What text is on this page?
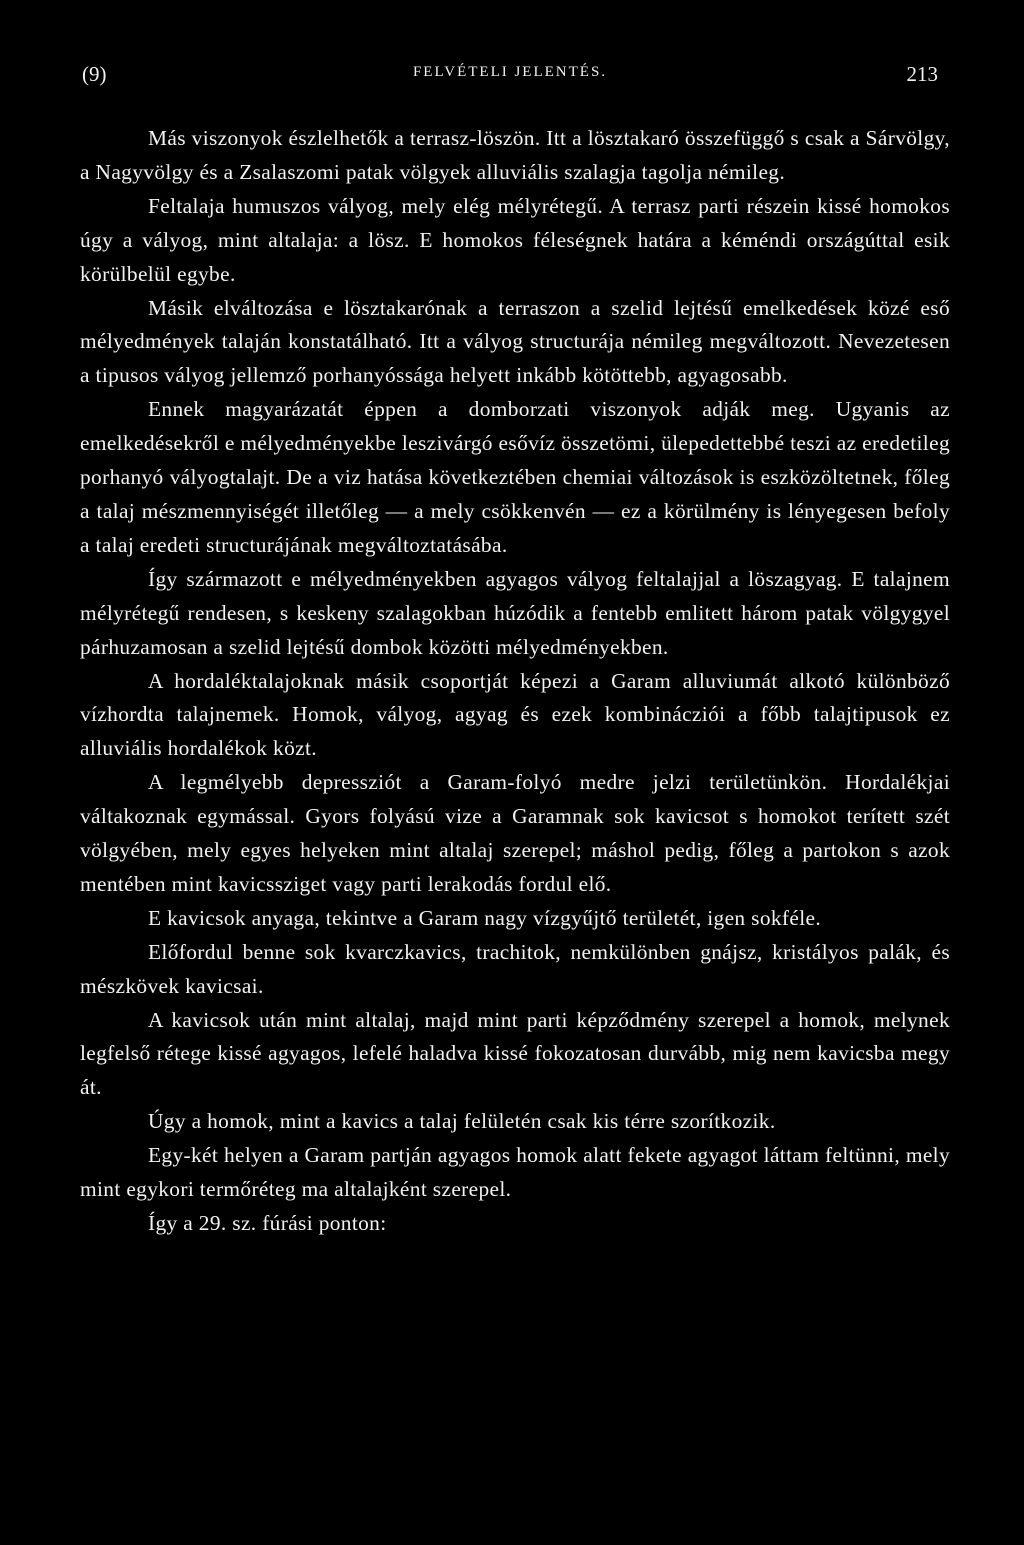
(9)	FELVÉTELI JELENTÉS.	213

Más viszonyok észlelhetők a terrasz-löszön. Itt a lösztakaró összefüggő s csak a Sárvölgy, a Nagyvölgy és a Zsalaszomi patak völgyek alluviális szalagja tagolja némileg.

Feltalaja humuszos vályog, mely elég mélyrétegű. A terrasz parti részein kissé homokos úgy a vályog, mint altalaja: a lösz. E homokos féleségnek határa a kéméndi országúttal esik körülbelül egybe.

Másik elváltozása e lösztakarónak a terraszon a szelid lejtésű emelkedések közé eső mélyedmények talaján konstatálható. Itt a vályog structurája némileg megváltozott. Nevezetesen a tipusos vályog jellemző porhanyóssága helyett inkább kötöttebb, agyagosabb.

Ennek magyarázatát éppen a domborzati viszonyok adják meg. Ugyanis az emelkedésekről e mélyedményekbe leszivárgó esővíz összetömi, ülepedettebbé teszi az eredetileg porhanyó vályogtalajt. De a viz hatása következtében chemiai változások is eszközöltetnek, főleg a talaj mészmennyiségét illetőleg — a mely csökkenvén — ez a körülmény is lényegesen befoly a talaj eredeti structurájának megváltoztatásába.

Így származott e mélyedményekben agyagos vályog feltalajjal a löszagyag. E talajnem mélyrétegű rendesen, s keskeny szalagokban húzódik a fentebb emlitett három patak völgygyel párhuzamosan a szelid lejtésű dombok közötti mélyedményekben.

A hordaléktalajoknak másik csoportját képezi a Garam alluviumát alkotó különböző vízhordta talajnemek. Homok, vályog, agyag és ezek kombinácziói a főbb talajtipusok ez alluviális hordalékok közt.

A legmélyebb depressziót a Garam-folyó medre jelzi területünkön. Hordalékjai váltakoznak egymással. Gyors folyású vize a Garamnak sok kavicsot s homokot terített szét völgyében, mely egyes helyeken mint altalaj szerepel; máshol pedig, főleg a partokon s azok mentében mint kavicssziget vagy parti lerakodás fordul elő.

E kavicsok anyaga, tekintve a Garam nagy vízgyűjtő területét, igen sokféle.

Előfordul benne sok kvarczkavics, trachitok, nemkülönben gnájsz, kristályos palák, és mészkövek kavicsai.

A kavicsok után mint altalaj, majd mint parti képződmény szerepel a homok, melynek legfelső rétege kissé agyagos, lefelé haladva kissé fokozatosan durvább, mig nem kavicsba megy át.

Úgy a homok, mint a kavics a talaj felületén csak kis térre szorítkozik.

Egy-két helyen a Garam partján agyagos homok alatt fekete agyagot láttam feltünni, mely mint egykori termőréteg ma altalajként szerepel.

Így a 29. sz. fúrási ponton:
